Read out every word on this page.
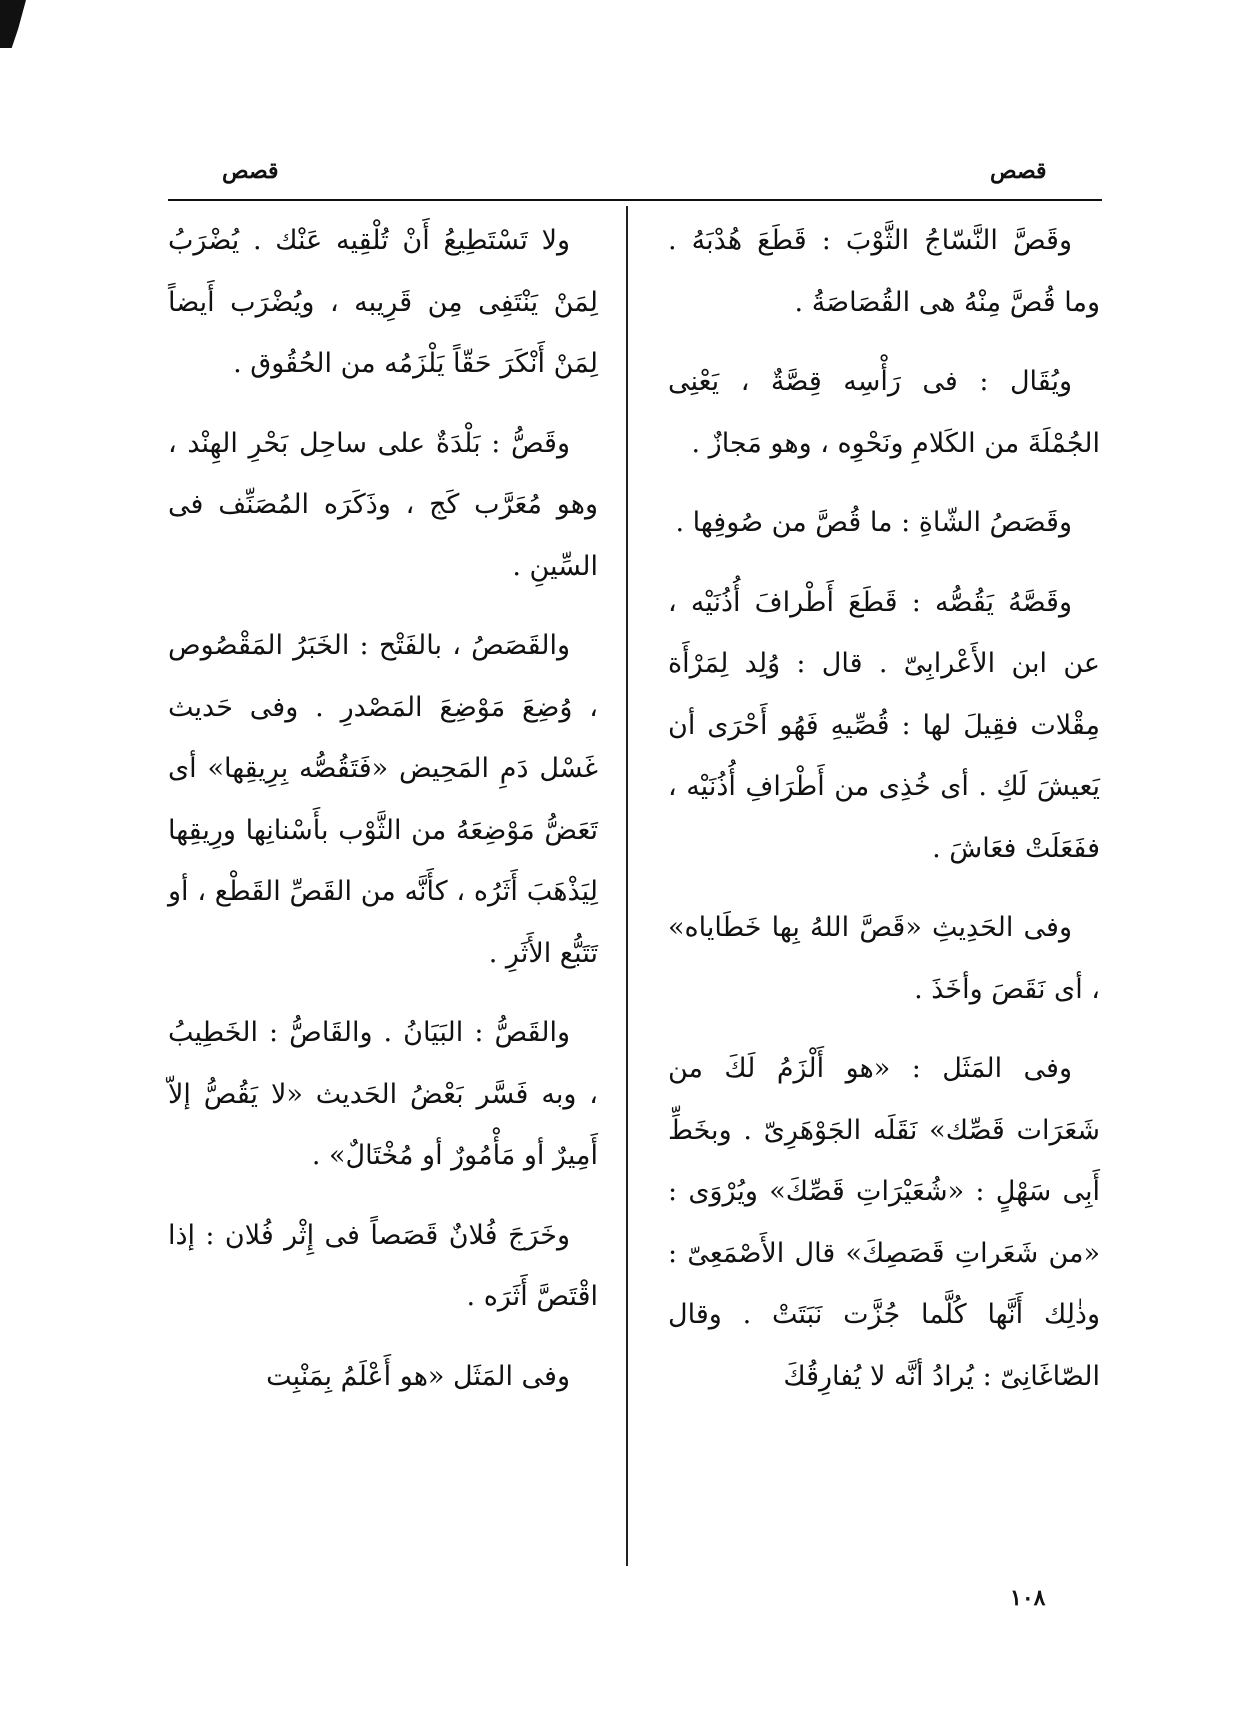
قصص
قصص

وقَصَّ النَّسّاجُ الثَّوْبَ : قَطَعَ هُدْبَهُ . وما قُصَّ مِنْهُ هى القُصَاصَةُ .

ويُقَال : فى رَأْسِه قِصَّةٌ ، يَعْنِى الجُمْلَةَ من الكَلامِ ونَحْوِه ، وهو مَجازٌ .

وقَصَصُ الشّاةِ : ما قُصَّ من صُوفِها .

وقَصَّهُ يَقُصُّه : قَطَعَ أَطْرافَ أُذُنَيْه ، عن ابن الأَعْرابِىّ . قال : وُلِد لِمَرْأَة مِقْلات فقِيلَ لها : قُصِّيهِ فَهُو أَحْرَى أن يَعيشَ لَكِ . أى خُذِى من أَطْرَافِ أُذُنَيْه ، ففَعَلَتْ فعَاشَ .

وفى الحَدِيثِ «قَصَّ اللهُ بِها خَطَاياه» ، أى نَقَصَ وأخَذَ .

وفى المَثَل : «هو أَلْزَمُ لَكَ من شَعَرَات قَصِّك» نَقَلَه الجَوْهَرِىّ . وبخَطِّ أَبِى سَهْلٍ : «شُعَيْرَاتِ قَصِّكَ» ويُرْوَى : «من شَعَراتِ قَصَصِكَ» قال الأَصْمَعِىّ : وذٰلِك أَنَّها كُلَّما جُزَّت نَبَتَتْ . وقال الصّاغَانِىّ : يُرادُ أنَّه لا يُفارِقُكَ

ولا تَسْتَطِيعُ أَنْ تُلْقِيه عَنْك . يُضْرَبُ لِمَنْ يَنْتَفِى مِن قَرِيبه ، ويُضْرَب أَيضاً لِمَنْ أَنْكَرَ حَقّاً يَلْزَمُه من الحُقُوق .

وقَصُّ : بَلْدَةٌ على ساحِل بَحْرِ الهِنْد ، وهو مُعَرَّب كَج ، وذَكَرَه المُصَنِّف فى السِّينِ .

والقَصَصُ ، بالفَتْح : الخَبَرُ المَقْصُوص ، وُضِعَ مَوْضِعَ المَصْدرِ . وفى حَديث غَسْل دَمِ المَحِيض «فَتَقُصُّه بِرِيقِها» أى تَعَضُّ مَوْضِعَهُ من الثَّوْب بأَسْنانِها ورِيقِها لِيَذْهَبَ أَثَرُه ، كأَنَّه من القَصِّ القَطْع ، أو تَتَبُّع الأَثَرِ .

والقَصُّ : البَيَانُ . والقَاصُّ : الخَطِيبُ ، وبه فَسَّر بَعْضُ الحَديث «لا يَقُصُّ إلاّ أَمِيرٌ أو مَأْمُورٌ أو مُخْتَالٌ» .

وخَرَجَ فُلانٌ قَصَصاً فى إِثْر فُلان : إذا اقْتَصَّ أَثَرَه .

وفى المَثَل «هو أَعْلَمُ بِمَنْبِت

١٠٨
